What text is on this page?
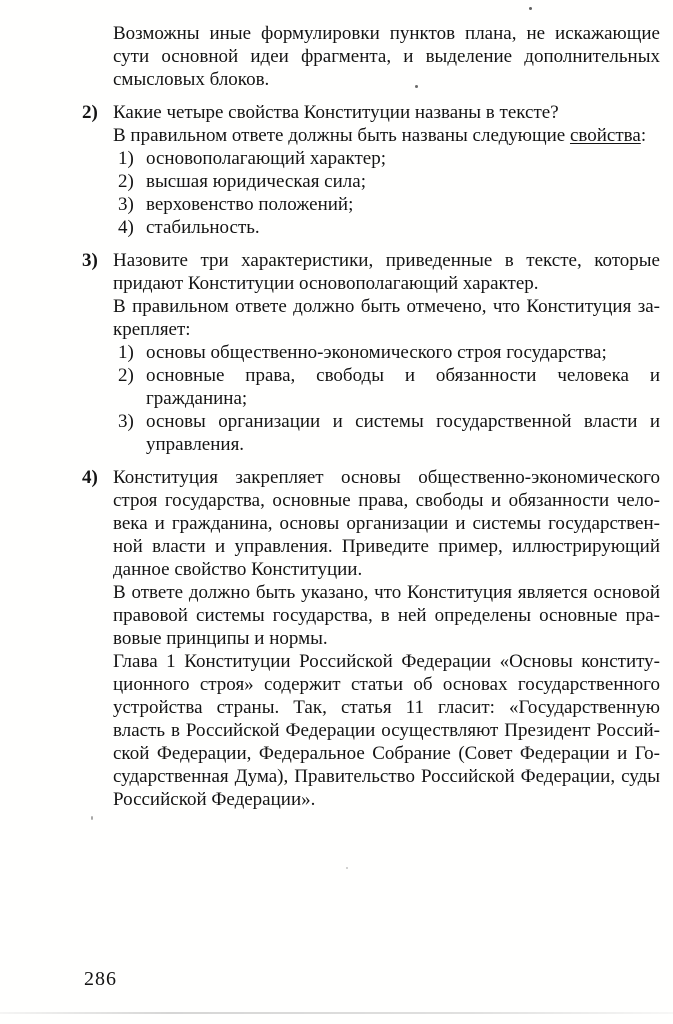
Возможны иные формулировки пунктов плана, не искажающие сути основной идеи фрагмента, и выделение дополнительных смысловых блоков.

2) Какие четыре свойства Конституции названы в тексте?

В правильном ответе должны быть названы следующие свойства:

1) основополагающий характер;
2) высшая юридическая сила;
3) верховенство положений;
4) стабильность.
3) Назовите три характеристики, приведенные в тексте, которые придают Конституции основополагающий характер.

В правильном ответе должно быть отмечено, что Конституция закрепляет:

1) основы общественно-экономического строя государства;
2) основные права, свободы и обязанности человека и гражданина;
3) основы организации и системы государственной власти и управления.
4) Конституция закрепляет основы общественно-экономического строя государства, основные права, свободы и обязанности человека и гражданина, основы организации и системы государственной власти и управления. Приведите пример, иллюстрирующий данное свойство Конституции.

В ответе должно быть указано, что Конституция является основой правовой системы государства, в ней определены основные правовые принципы и нормы.

Глава 1 Конституции Российской Федерации «Основы конституционного строя» содержит статьи об основах государственного устройства страны. Так, статья 11 гласит: «Государственную власть в Российской Федерации осуществляют Президент Российской Федерации, Федеральное Собрание (Совет Федерации и Государственная Дума), Правительство Российской Федерации, суды Российской Федерации».

286
